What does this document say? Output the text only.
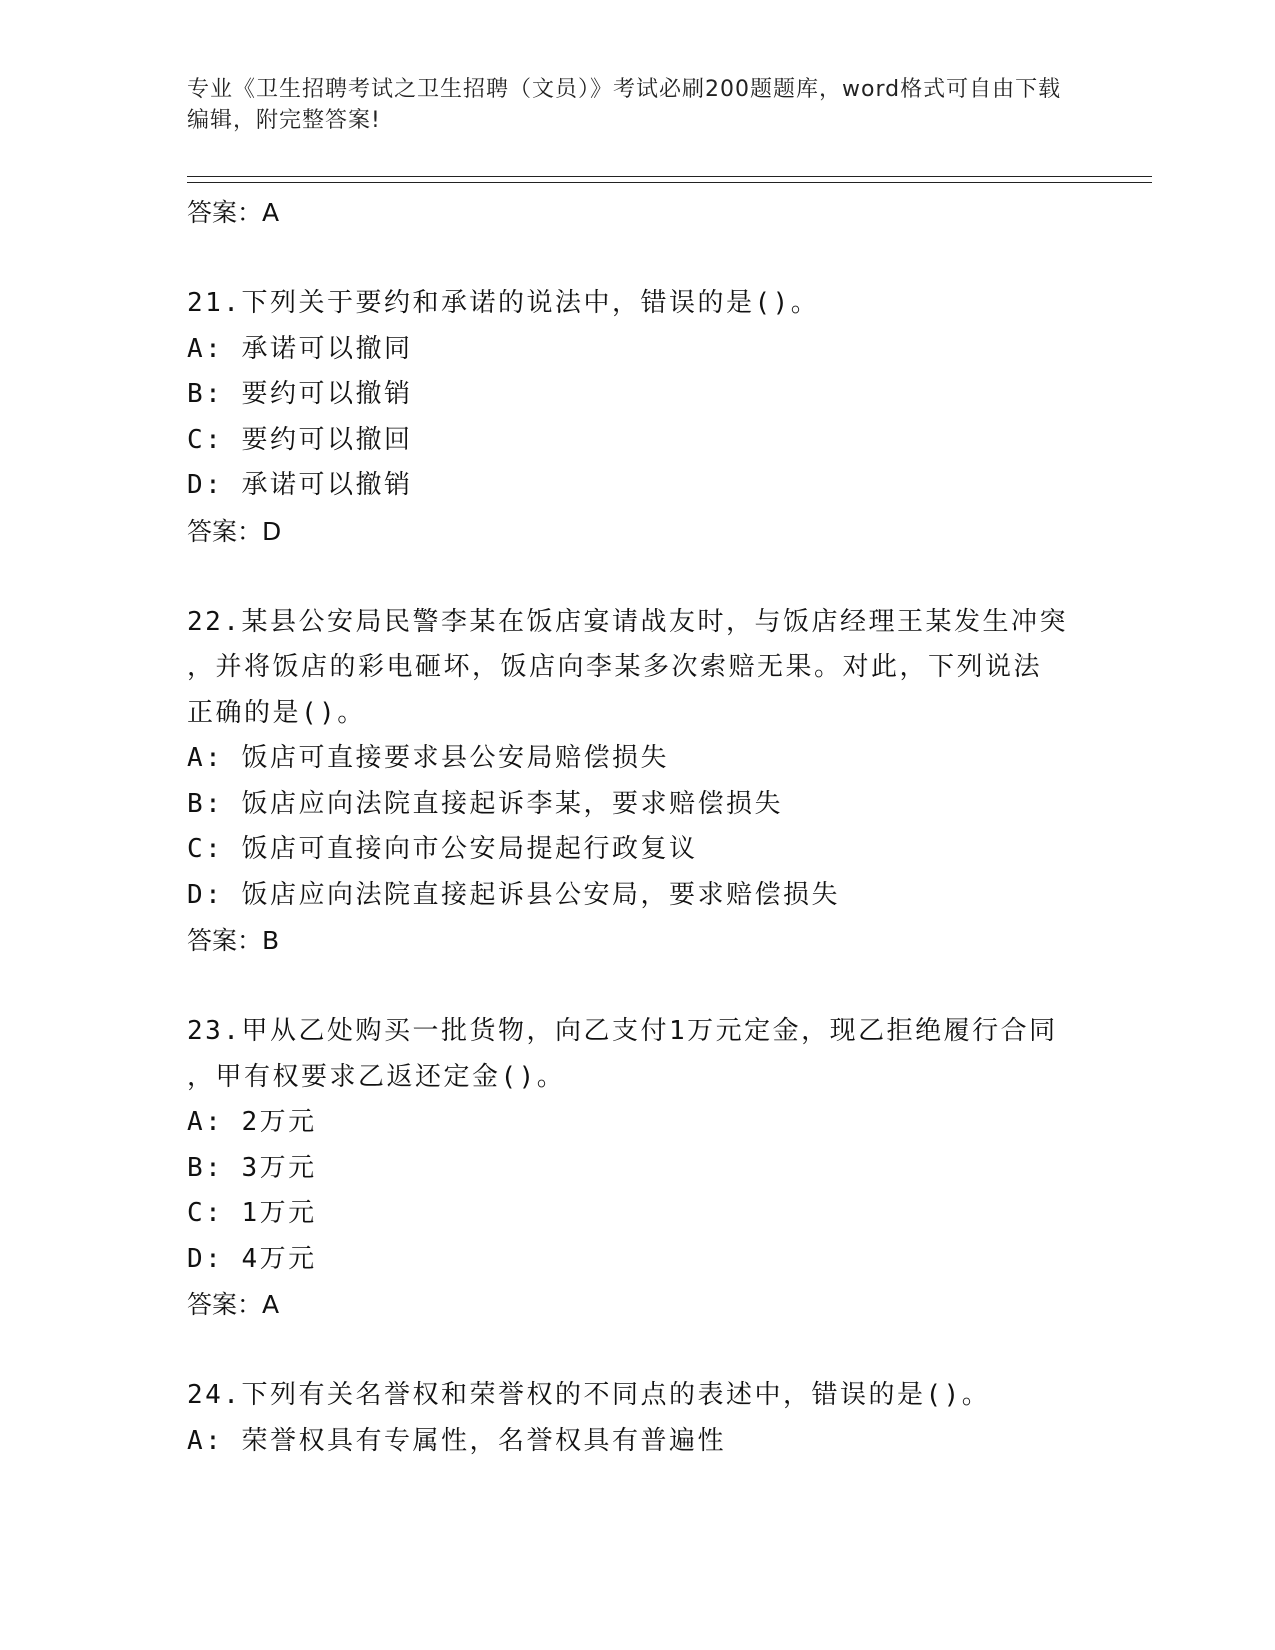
专业《卫生招聘考试之卫生招聘（文员）》考试必刷200题题库，word格式可自由下载编辑，附完整答案!
答案：A
21.下列关于要约和承诺的说法中，错误的是()。
A: 承诺可以撤同
B: 要约可以撤销
C: 要约可以撤回
D: 承诺可以撤销
答案：D
22.某县公安局民警李某在饭店宴请战友时，与饭店经理王某发生冲突
，并将饭店的彩电砸坏，饭店向李某多次索赔无果。对此，下列说法
正确的是()。
A: 饭店可直接要求县公安局赔偿损失
B: 饭店应向法院直接起诉李某，要求赔偿损失
C: 饭店可直接向市公安局提起行政复议
D: 饭店应向法院直接起诉县公安局，要求赔偿损失
答案：B
23.甲从乙处购买一批货物，向乙支付1万元定金，现乙拒绝履行合同
，甲有权要求乙返还定金()。
A: 2万元
B: 3万元
C: 1万元
D: 4万元
答案：A
24.下列有关名誉权和荣誉权的不同点的表述中，错误的是()。
A: 荣誉权具有专属性，名誉权具有普遍性
